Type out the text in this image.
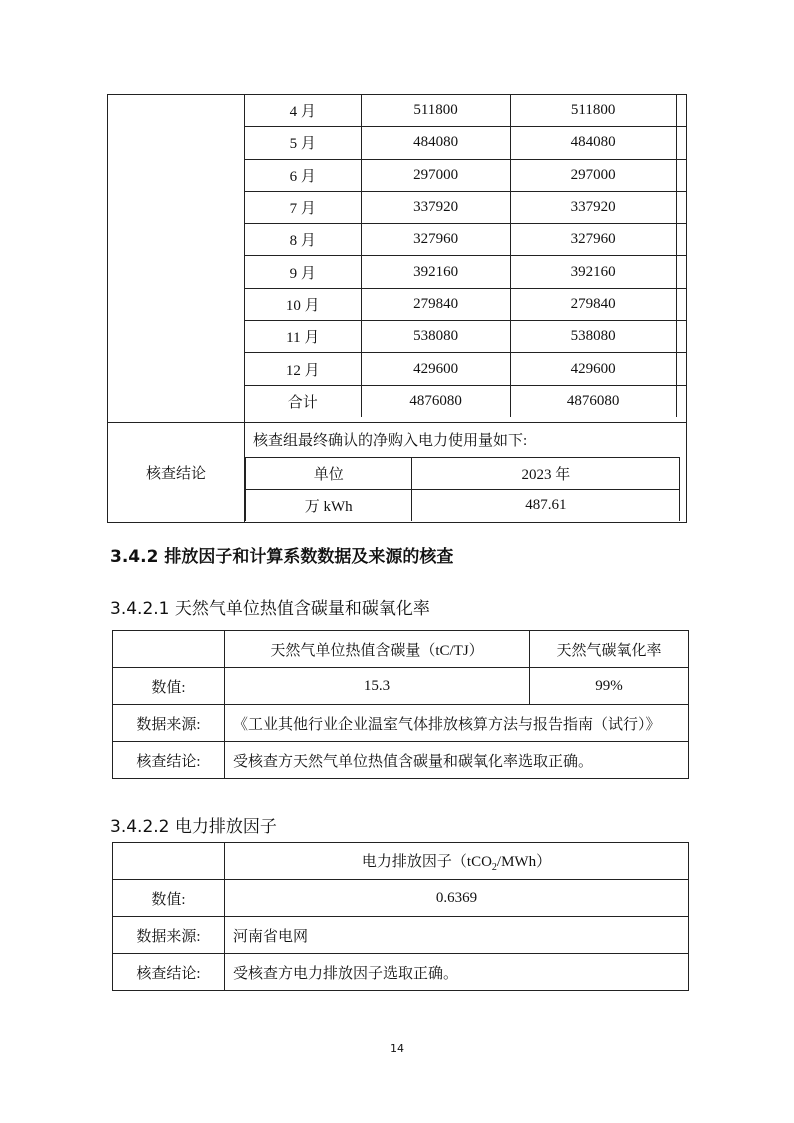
4 月	511800	511800	
5 月	484080	484080	
6 月	297000	297000	
7 月	337920	337920	
8 月	327960	327960	
9 月	392160	392160	
10 月	279840	279840	
11 月	538080	538080	
12 月	429600	429600	
合计	4876080	4876080	

核查结论	
核查组最终确认的净购入电力使用量如下:
单位	2023 年	
万 kWh	487.61	
3.4.2 排放因子和计算系数数据及来源的核查
3.4.2.1 天然气单位热值含碳量和碳氧化率
	天然气单位热值含碳量（tC/TJ）	天然气碳氧化率
数值:	15.3	99%
数据来源:	《工业其他行业企业温室气体排放核算方法与报告指南（试行）》	
核查结论:	受核查方天然气单位热值含碳量和碳氧化率选取正确。	
3.4.2.2 电力排放因子
	电力排放因子（tCO$_2$/MWh）
数值:	0.6369
数据来源:	河南省电网
核查结论:	受核查方电力排放因子选取正确。
14
